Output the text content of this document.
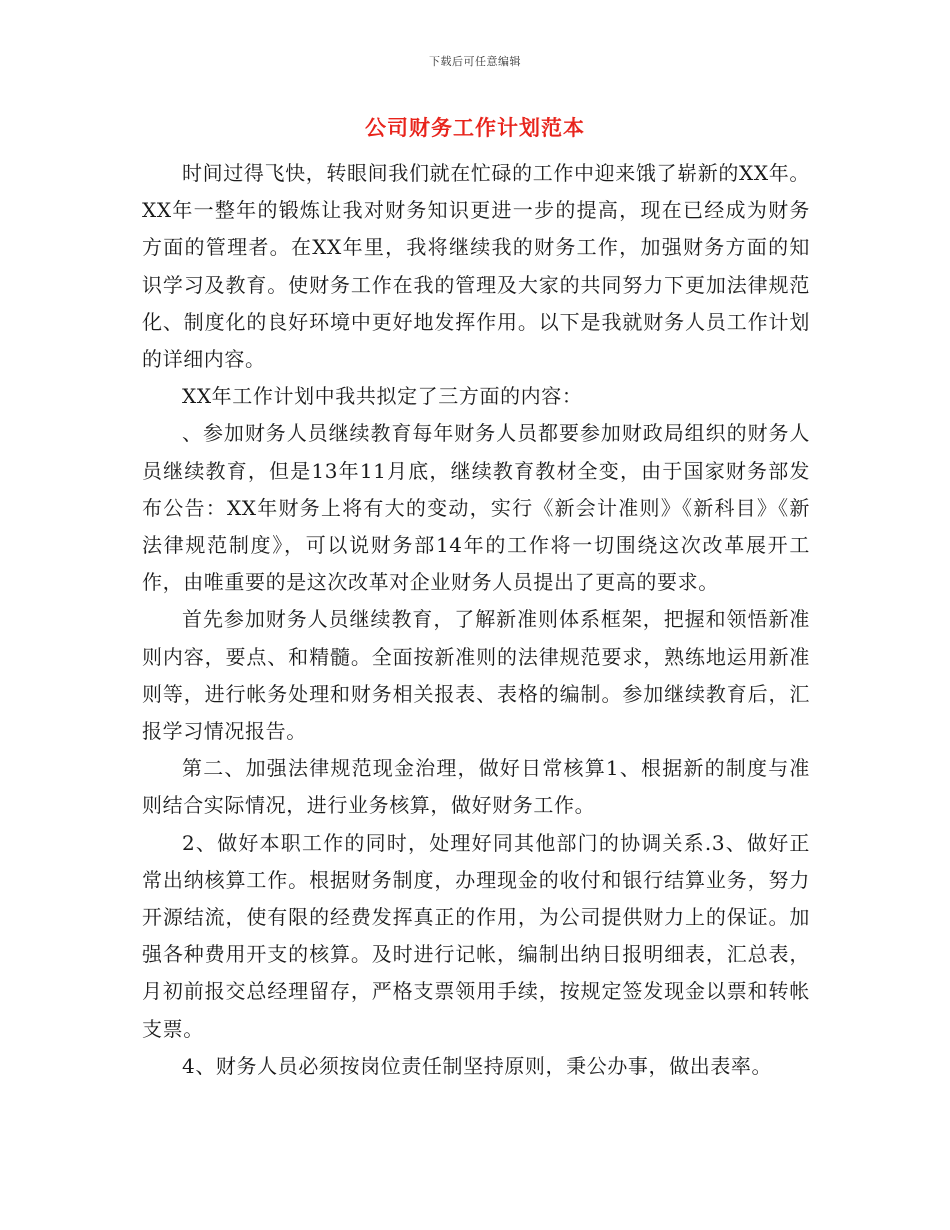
下载后可任意编辑
公司财务工作计划范本

时间过得飞快，转眼间我们就在忙碌的工作中迎来饿了崭新的XX年。XX年一整年的锻炼让我对财务知识更进一步的提高，现在已经成为财务方面的管理者。在XX年里，我将继续我的财务工作，加强财务方面的知识学习及教育。使财务工作在我的管理及大家的共同努力下更加法律规范化、制度化的良好环境中更好地发挥作用。以下是我就财务人员工作计划的详细内容。

XX年工作计划中我共拟定了三方面的内容：

、参加财务人员继续教育每年财务人员都要参加财政局组织的财务人员继续教育，但是13年11月底，继续教育教材全变，由于国家财务部发布公告：XX年财务上将有大的变动，实行《新会计准则》《新科目》《新法律规范制度》，可以说财务部14年的工作将一切围绕这次改革展开工作，由唯重要的是这次改革对企业财务人员提出了更高的要求。

首先参加财务人员继续教育，了解新准则体系框架，把握和领悟新准则内容，要点、和精髓。全面按新准则的法律规范要求，熟练地运用新准则等，进行帐务处理和财务相关报表、表格的编制。参加继续教育后，汇报学习情况报告。

第二、加强法律规范现金治理，做好日常核算1、根据新的制度与准则结合实际情况，进行业务核算，做好财务工作。

2、做好本职工作的同时，处理好同其他部门的协调关系.3、做好正常出纳核算工作。根据财务制度，办理现金的收付和银行结算业务，努力开源结流，使有限的经费发挥真正的作用，为公司提供财力上的保证。加强各种费用开支的核算。及时进行记帐，编制出纳日报明细表，汇总表，月初前报交总经理留存，严格支票领用手续，按规定签发现金以票和转帐支票。

4、财务人员必须按岗位责任制坚持原则，秉公办事，做出表率。
